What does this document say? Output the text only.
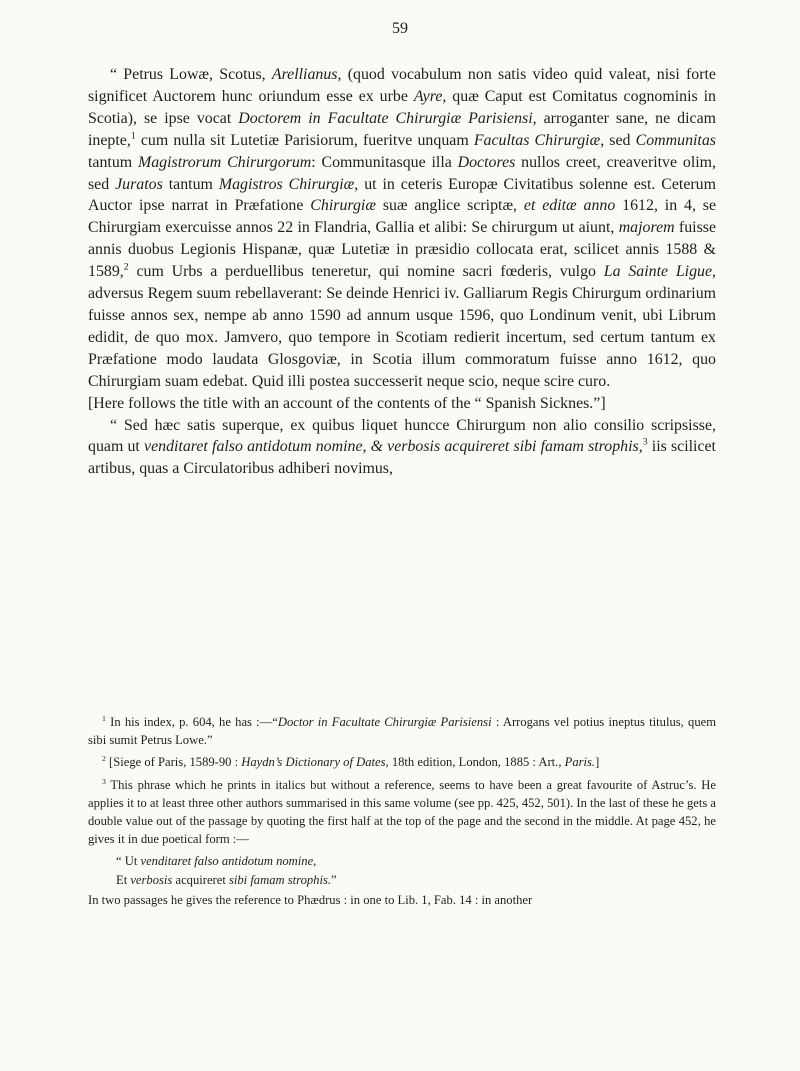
59

“ Petrus Lowæ, Scotus, Arellianus, (quod vocabulum non satis video quid valeat, nisi forte significet Auctorem hunc oriundum esse ex urbe Ayre, quæ Caput est Comitatus cognominis in Scotia), se ipse vocat Doctorem in Facultate Chirurgiæ Parisiensi, arroganter sane, ne dicam inepte,$^1$ cum nulla sit Lutetiæ Parisiorum, fueritve unquam Facultas Chirurgiæ, sed Communitas tantum Magistrorum Chirurgorum: Communitasque illa Doctores nullos creet, creaveritve olim, sed Juratos tantum Magistros Chirurgiæ, ut in ceteris Europæ Civitatibus solenne est. Ceterum Auctor ipse narrat in Præfatione Chirurgiæ suæ anglice scriptæ, et editæ anno 1612, in 4, se Chirurgiam exercuisse annos 22 in Flandria, Gallia et alibi: Se chirurgum ut aiunt, majorem fuisse annis duobus Legionis Hispanæ, quæ Lutetiæ in præsidio collocata erat, scilicet annis 1588 & 1589,$^2$ cum Urbs a perduellibus teneretur, qui nomine sacri fœderis, vulgo La Sainte Ligue, adversus Regem suum rebellaverant: Se deinde Henrici iv. Galliarum Regis Chirurgum ordinarium fuisse annos sex, nempe ab anno 1590 ad annum usque 1596, quo Londinum venit, ubi Librum edidit, de quo mox. Jamvero, quo tempore in Scotiam redierit incertum, sed certum tantum ex Præfatione modo laudata Glosgoviæ, in Scotia illum commoratum fuisse anno 1612, quo Chirurgiam suam edebat. Quid illi postea successerit neque scio, neque scire curo.

[Here follows the title with an account of the contents of the “ Spanish Sicknes.”]

“ Sed hæc satis superque, ex quibus liquet huncce Chirurgum non alio consilio scripsisse, quam ut venditaret falso antidotum nomine, & verbosis acquireret sibi famam strophis,$^3$ iis scilicet artibus, quas a Circulatoribus adhiberi novimus,

$^1$ In his index, p. 604, he has :—“Doctor in Facultate Chirurgiæ Parisiensi : Arrogans vel potius ineptus titulus, quem sibi sumit Petrus Lowe.”

$^2$ [Siege of Paris, 1589-90 : Haydn’s Dictionary of Dates, 18th edition, London, 1885 : Art., Paris.]

$^3$ This phrase which he prints in italics but without a reference, seems to have been a great favourite of Astruc’s. He applies it to at least three other authors summarised in this same volume (see pp. 425, 452, 501). In the last of these he gets a double value out of the passage by quoting the first half at the top of the page and the second in the middle. At page 452, he gives it in due poetical form :—

“ Ut venditaret falso antidotum nomine,

Et verbosis acquireret sibi famam strophis.”

In two passages he gives the reference to Phædrus : in one to Lib. 1, Fab. 14 : in another
